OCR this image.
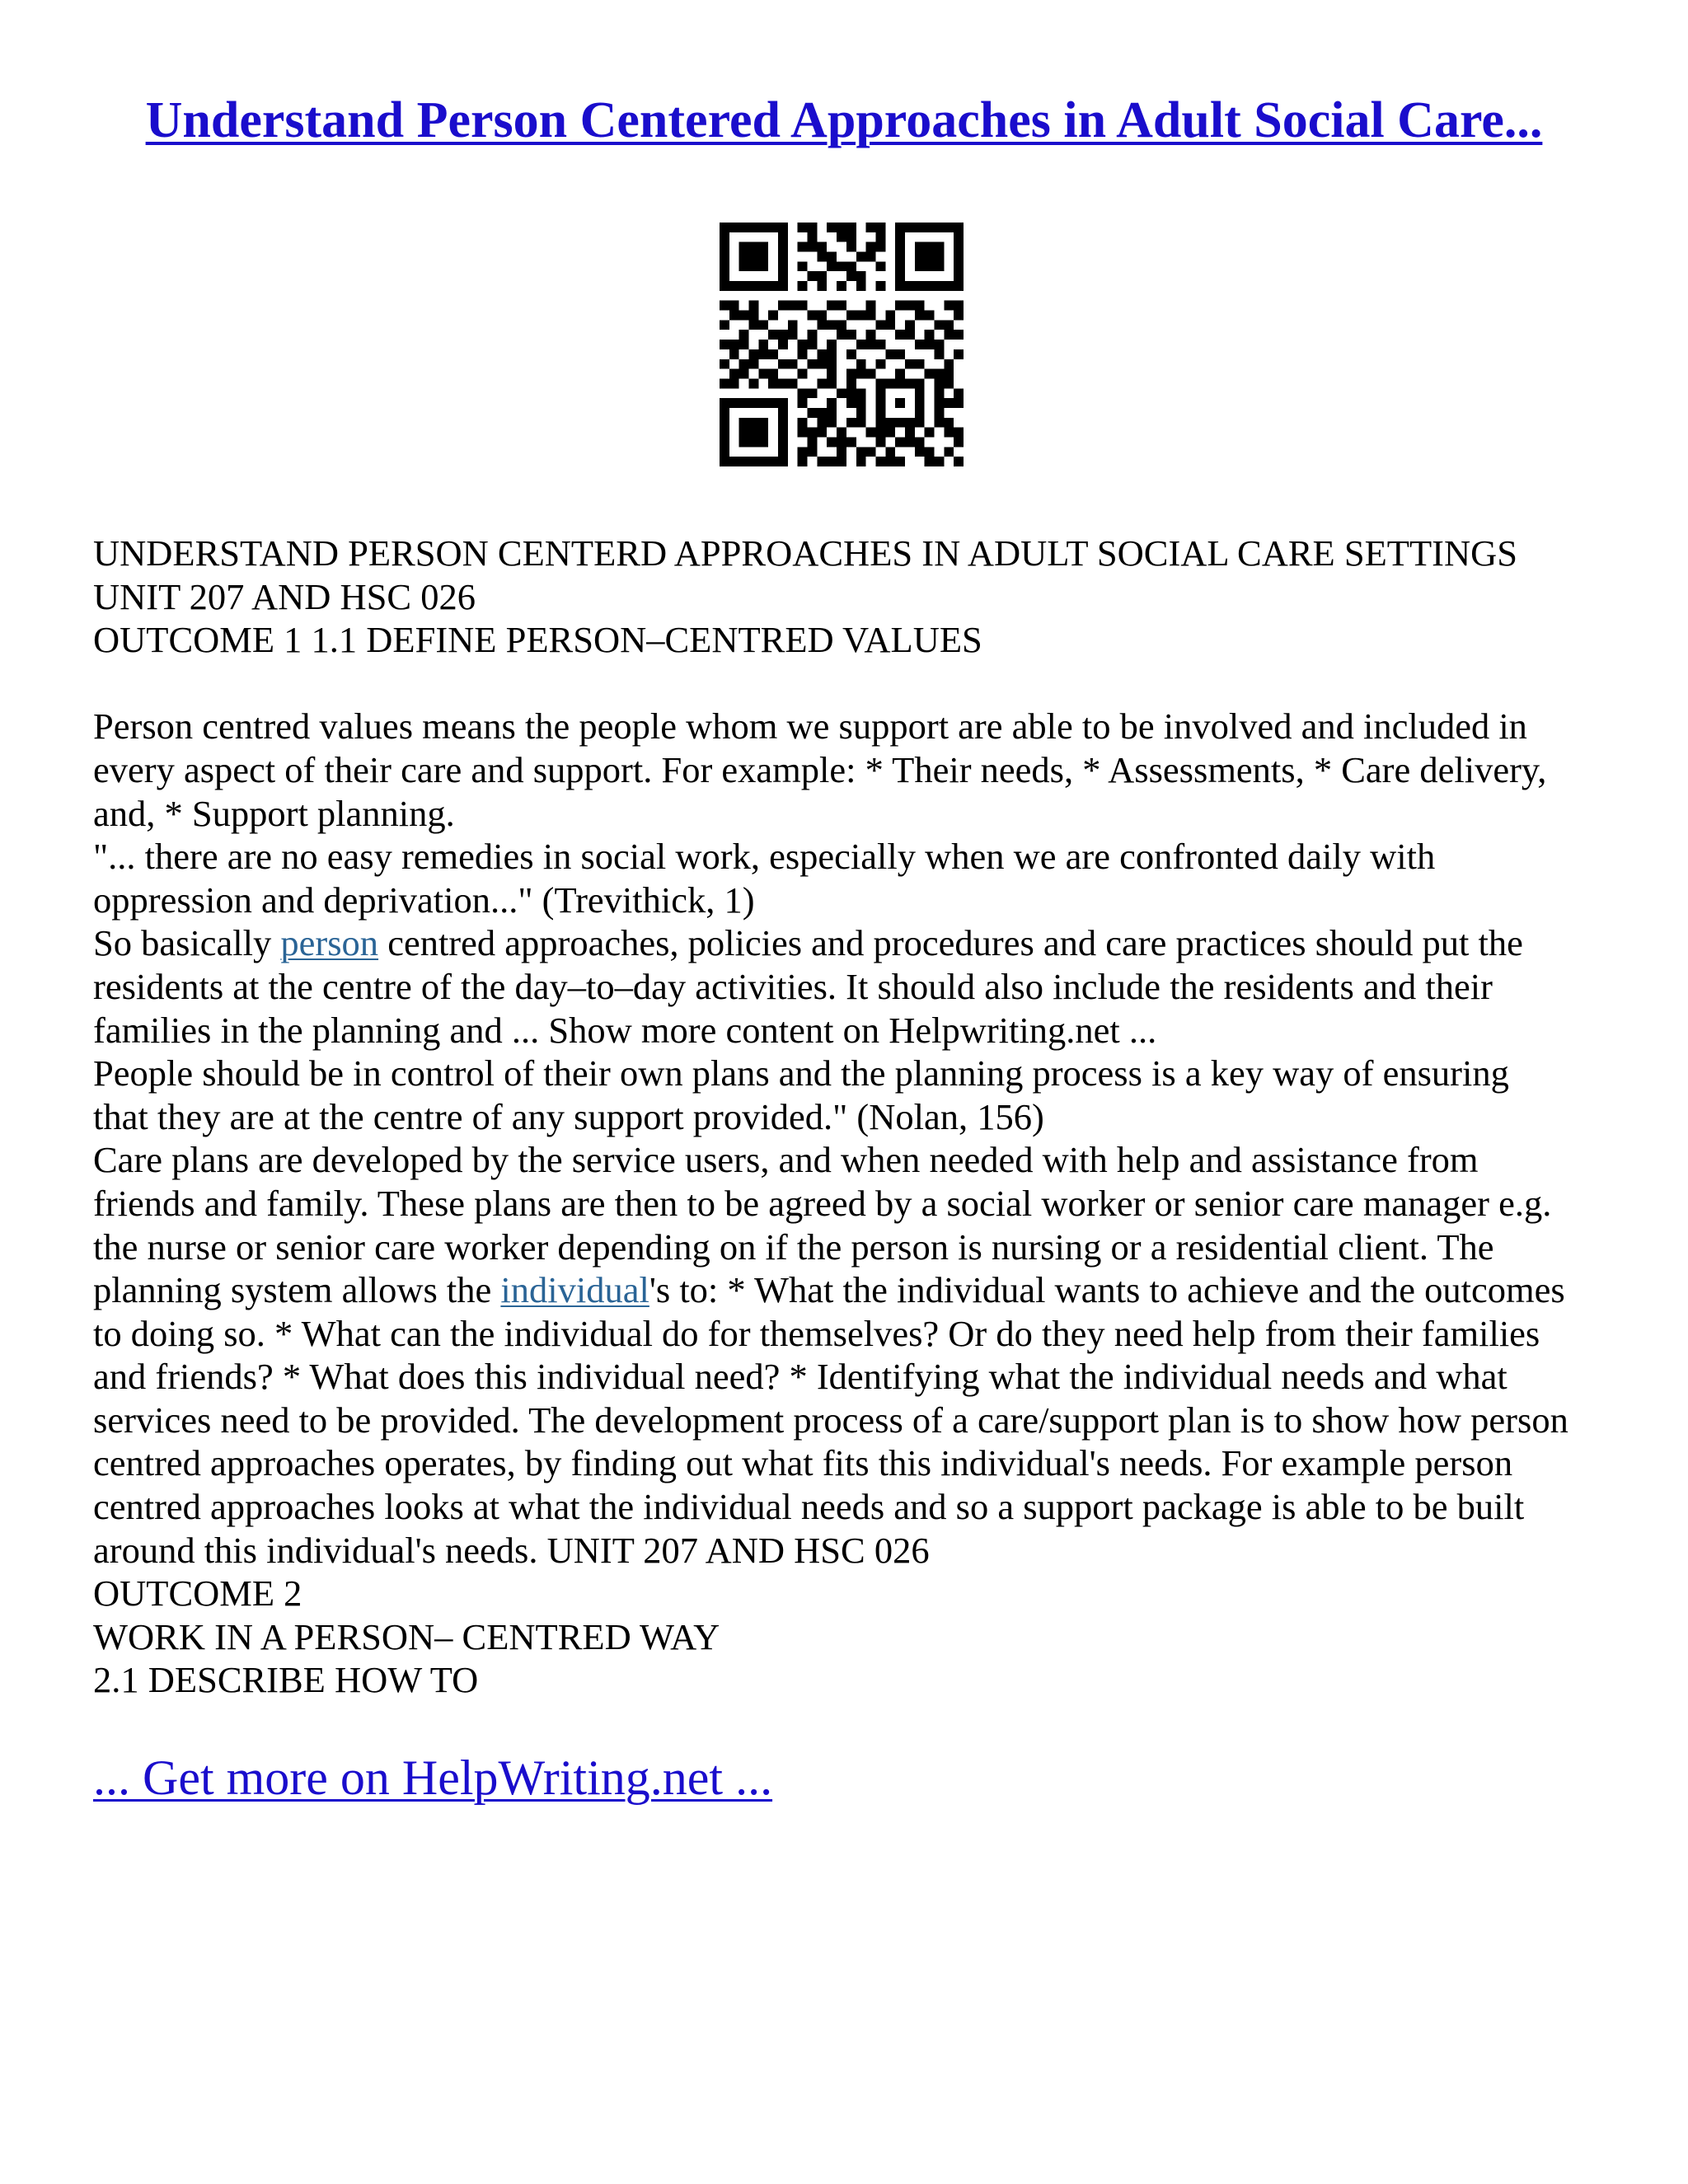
Understand Person Centered Approaches in Adult Social Care...
UNDERSTAND PERSON CENTERD APPROACHES IN ADULT SOCIAL CARE SETTINGS
UNIT 207 AND HSC 026
OUTCOME 1 1.1 DEFINE PERSON–CENTRED VALUES
Person centred values means the people whom we support are able to be involved and included in
every aspect of their care and support. For example: * Their needs, * Assessments, * Care delivery,
and, * Support planning.
"... there are no easy remedies in social work, especially when we are confronted daily with
oppression and deprivation..." (Trevithick, 1)
So basically person centred approaches, policies and procedures and care practices should put the
residents at the centre of the day–to–day activities. It should also include the residents and their
families in the planning and ... Show more content on Helpwriting.net ...
People should be in control of their own plans and the planning process is a key way of ensuring
that they are at the centre of any support provided." (Nolan, 156)
Care plans are developed by the service users, and when needed with help and assistance from
friends and family. These plans are then to be agreed by a social worker or senior care manager e.g.
the nurse or senior care worker depending on if the person is nursing or a residential client. The
planning system allows the individual's to: * What the individual wants to achieve and the outcomes
to doing so. * What can the individual do for themselves? Or do they need help from their families
and friends? * What does this individual need? * Identifying what the individual needs and what
services need to be provided. The development process of a care/support plan is to show how person
centred approaches operates, by finding out what fits this individual's needs. For example person
centred approaches looks at what the individual needs and so a support package is able to be built
around this individual's needs. UNIT 207 AND HSC 026
OUTCOME 2
WORK IN A PERSON– CENTRED WAY
2.1 DESCRIBE HOW TO
... Get more on HelpWriting.net ...
